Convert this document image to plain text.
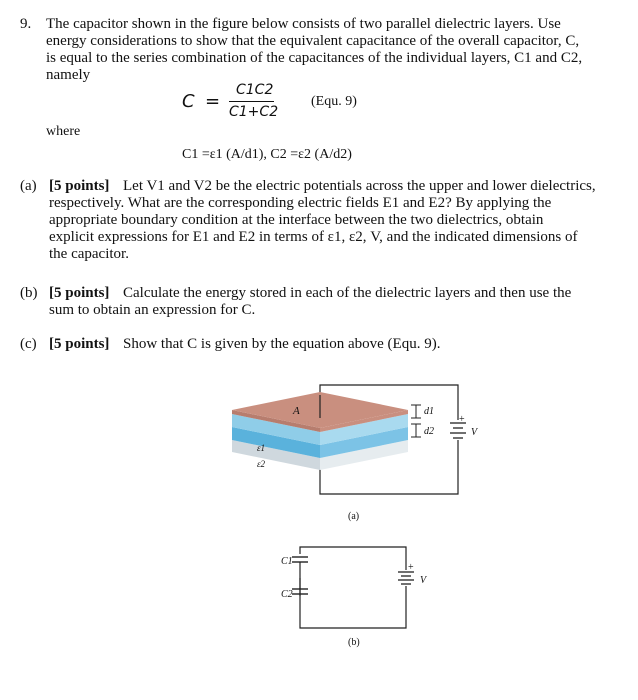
9. The capacitor shown in the figure below consists of two parallel dielectric layers. Use
energy considerations to show that the equivalent capacitance of the overall capacitor, C,
is equal to the series combination of the capacitances of the individual layers, C1 and C2,
namely
C =
C1C2
C1+C2
(Equ. 9)
where
C1 =ε1 (A/d1), C2 =ε2 (A/d2)
(a) [5 points] Let V1 and V2 be the electric potentials across the upper and lower dielectrics,
respectively. What are the corresponding electric fields E1 and E2? By applying the
appropriate boundary condition at the interface between the two dielectrics, obtain
explicit expressions for E1 and E2 in terms of ε1, ε2, V, and the indicated dimensions of
the capacitor.
(b) [5 points] Calculate the energy stored in each of the dielectric layers and then use the
sum to obtain an expression for C.
(c) [5 points] Show that C is given by the equation above (Equ. 9).
A
ε1
ε2
d1
d2
+
V
(a)
C1
C2
+
V
(b)
